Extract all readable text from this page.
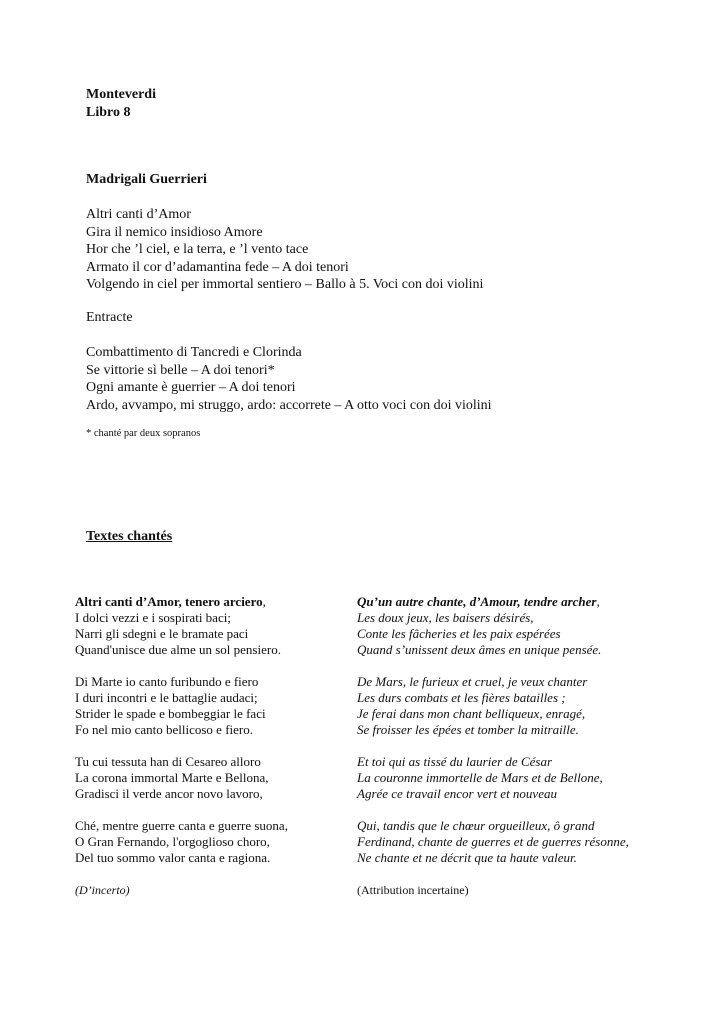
Monteverdi
Libro 8
Madrigali Guerrieri
Altri canti d’Amor
Gira il nemico insidioso Amore
Hor che ’l ciel, e la terra, e ’l vento tace
Armato il cor d’adamantina fede – A doi tenori
Volgendo in ciel per immortal sentiero – Ballo à 5. Voci con doi violini
Entracte
Combattimento di Tancredi e Clorinda
Se vittorie sì belle – A doi tenori*
Ogni amante è guerrier – A doi tenori
Ardo, avvampo, mi struggo, ardo: accorrete – A otto voci con doi violini
* chanté par deux sopranos
Textes chantés
Altri canti d’Amor, tenero arciero,
I dolci vezzi e i sospirati baci;
Narri gli sdegni e le bramate paci
Quand'unisce due alme un sol pensiero.
Di Marte io canto furibundo e fiero
I duri incontri e le battaglie audaci;
Strider le spade e bombeggiar le faci
Fo nel mio canto bellicoso e fiero.
Tu cui tessuta han di Cesareo alloro
La corona immortal Marte e Bellona,
Gradisci il verde ancor novo lavoro,
Ché, mentre guerre canta e guerre suona,
O Gran Fernando, l'orgoglioso choro,
Del tuo sommo valor canta e ragiona.
(D’incerto)
Qu’un autre chante, d’Amour, tendre archer,
Les doux jeux, les baisers désirés,
Conte les fâcheries et les paix espérées
Quand s’unissent deux âmes en unique pensée.
De Mars, le furieux et cruel, je veux chanter
Les durs combats et les fières batailles ;
Je ferai dans mon chant belliqueux, enragé,
Se froisser les épées et tomber la mitraille.
Et toi qui as tissé du laurier de César
La couronne immortelle de Mars et de Bellone,
Agrée ce travail encor vert et nouveau
Qui, tandis que le chœur orgueilleux, ô grand
Ferdinand, chante de guerres et de guerres résonne,
Ne chante et ne décrit que ta haute valeur.
(Attribution incertaine)
